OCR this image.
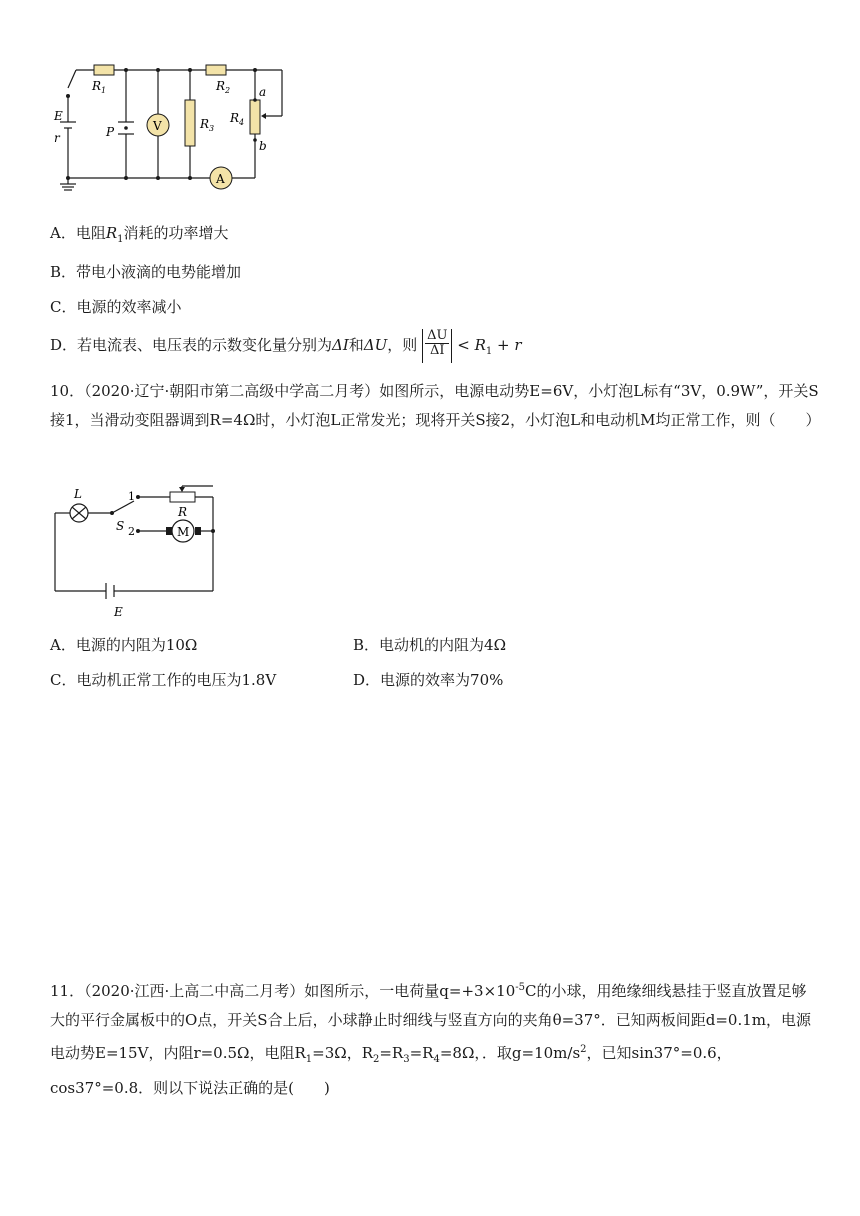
$R_1$	$R_2$
$R_3$
$R_4$
a
b
E
r	P	V
A
A．电阻$R_1$消耗的功率增大
B．带电小液滴的电势能增加
C．电源的效率减小
D．若电流表、电压表的示数变化量分别为ΔI和ΔU，则 $\frac{\Delta U}{\Delta I} < R_1 + r$
10．（2020·辽宁·朝阳市第二高级中学高二月考）如图所示，电源电动势E=6V，小灯泡L标有“3V，0.9W”，开关S接1，当滑动变阻器调到R=4Ω时，小灯泡L正常发光；现将开关S接2，小灯泡L和电动机M均正常工作，则（　　）
L
S
1
2
R
M
E
A．电源的内阻为10Ω	B．电动机的内阻为4Ω
C．电动机正常工作的电压为1.8V	D．电源的效率为70%
11．（2020·江西·上高二中高二月考）如图所示，一电荷量$q=+3\times 10^{-5}C$的小球，用绝缘细线悬挂于竖直放置足够大的平行金属板中的O点，开关S合上后，小球静止时细线与竖直方向的夹角θ=37°．已知两板间距d=0.1m，电源电动势E=15V，内阻r=0.5Ω，电阻$R_1=3\Omega$，$R_2=R_3=R_4=8\Omega$，．取$g=10m/s^2$，已知sin37°=0.6，cos37°=0.8．则以下说法正确的是(　　)
